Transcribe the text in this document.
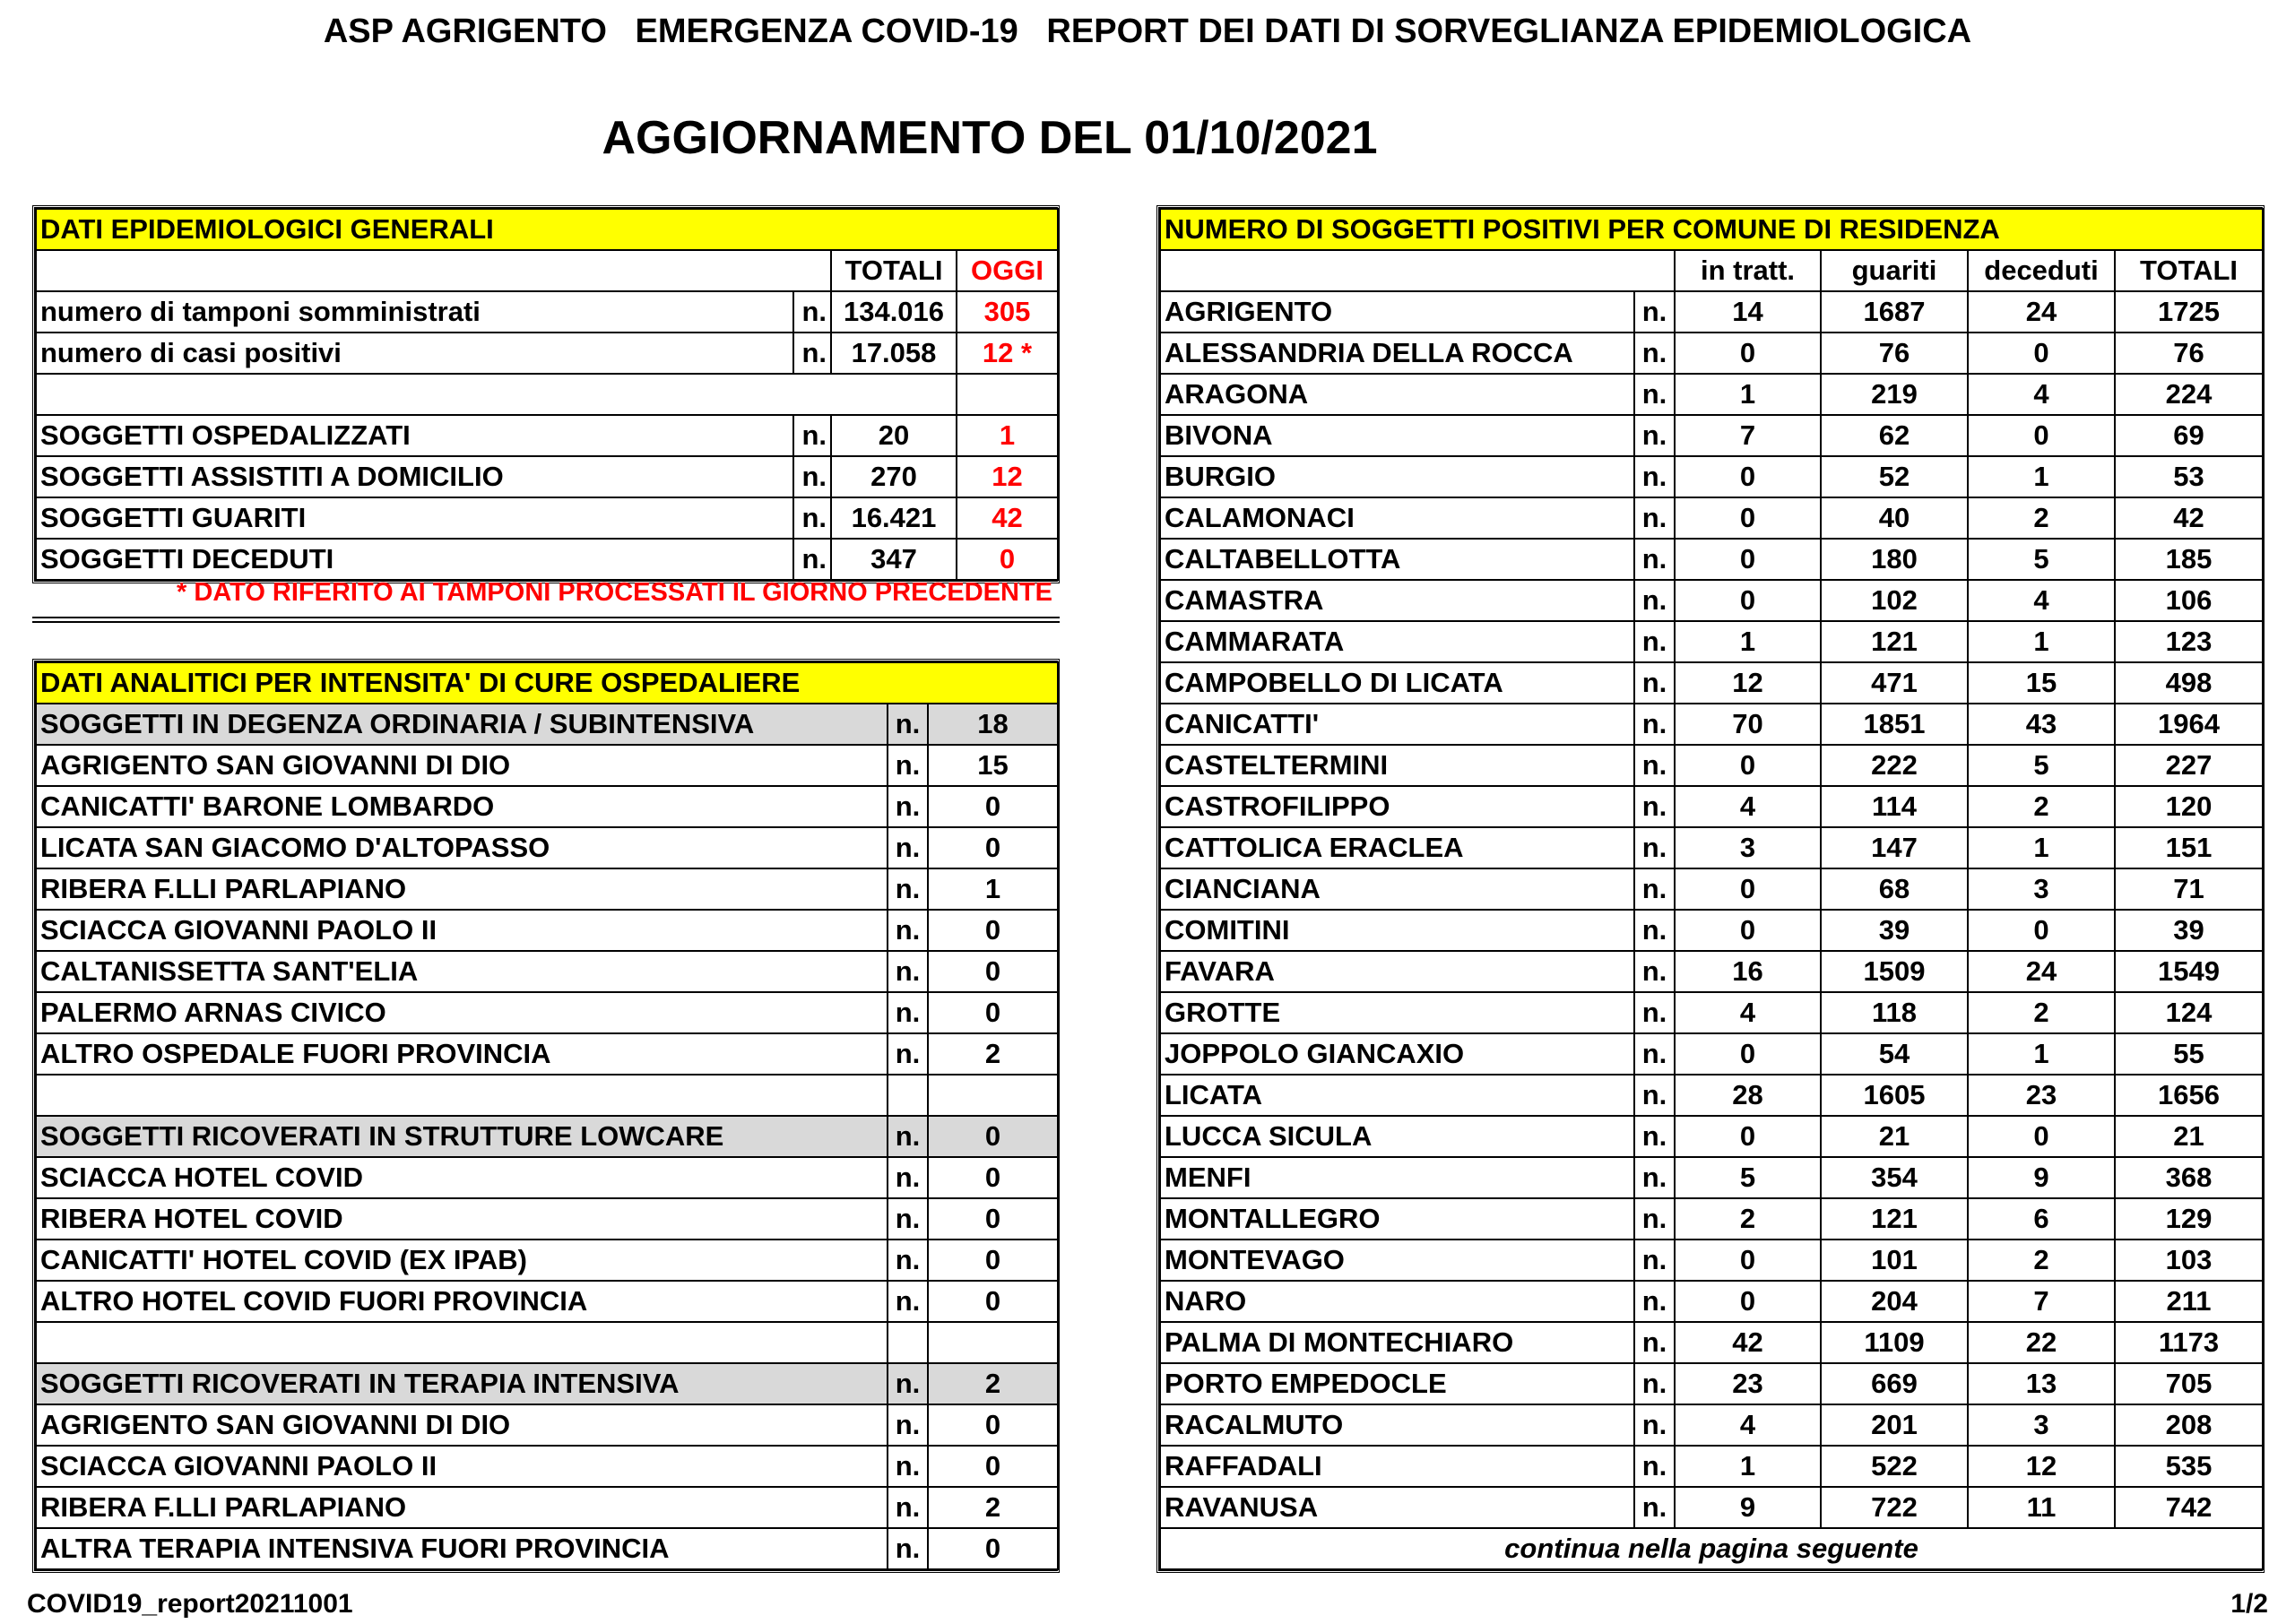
ASP AGRIGENTO   EMERGENZA COVID-19   REPORT DEI DATI DI SORVEGLIANZA EPIDEMIOLOGICA
AGGIORNAMENTO DEL 01/10/2021
DATI EPIDEMIOLOGICI GENERALI			
		TOTALI	OGGI
numero di tamponi somministrati	n.	134.016	305
numero di casi positivi	n.	17.058	12 *

SOGGETTI OSPEDALIZZATI	n.	20	1
SOGGETTI ASSISTITI A DOMICILIO	n.	270	12
SOGGETTI GUARITI	n.	16.421	42
SOGGETTI DECEDUTI	n.	347	0
* DATO RIFERITO AI TAMPONI PROCESSATI IL GIORNO PRECEDENTE
DATI ANALITICI PER INTENSITA' DI CURE OSPEDALIERE		
SOGGETTI IN DEGENZA ORDINARIA / SUBINTENSIVA	n.	18
AGRIGENTO SAN GIOVANNI DI DIO	n.	15
CANICATTI' BARONE LOMBARDO	n.	0
LICATA SAN GIACOMO D'ALTOPASSO	n.	0
RIBERA F.LLI PARLAPIANO	n.	1
SCIACCA GIOVANNI PAOLO II	n.	0
CALTANISSETTA SANT'ELIA	n.	0
PALERMO ARNAS CIVICO	n.	0
ALTRO OSPEDALE FUORI PROVINCIA	n.	2

SOGGETTI RICOVERATI IN STRUTTURE LOWCARE	n.	0
SCIACCA HOTEL COVID	n.	0
RIBERA HOTEL COVID	n.	0
CANICATTI' HOTEL COVID (EX IPAB)	n.	0
ALTRO HOTEL COVID FUORI PROVINCIA	n.	0

SOGGETTI RICOVERATI IN TERAPIA INTENSIVA	n.	2
AGRIGENTO SAN GIOVANNI DI DIO	n.	0
SCIACCA GIOVANNI PAOLO II	n.	0
RIBERA F.LLI PARLAPIANO	n.	2
ALTRA TERAPIA INTENSIVA FUORI PROVINCIA	n.	0
NUMERO DI SOGGETTI POSITIVI PER COMUNE DI RESIDENZA					
		in tratt.	guariti	deceduti	TOTALI
AGRIGENTO	n.	14	1687	24	1725
ALESSANDRIA DELLA ROCCA	n.	0	76	0	76
ARAGONA	n.	1	219	4	224
BIVONA	n.	7	62	0	69
BURGIO	n.	0	52	1	53
CALAMONACI	n.	0	40	2	42
CALTABELLOTTA	n.	0	180	5	185
CAMASTRA	n.	0	102	4	106
CAMMARATA	n.	1	121	1	123
CAMPOBELLO DI LICATA	n.	12	471	15	498
CANICATTI'	n.	70	1851	43	1964
CASTELTERMINI	n.	0	222	5	227
CASTROFILIPPO	n.	4	114	2	120
CATTOLICA ERACLEA	n.	3	147	1	151
CIANCIANA	n.	0	68	3	71
COMITINI	n.	0	39	0	39
FAVARA	n.	16	1509	24	1549
GROTTE	n.	4	118	2	124
JOPPOLO GIANCAXIO	n.	0	54	1	55
LICATA	n.	28	1605	23	1656
LUCCA SICULA	n.	0	21	0	21
MENFI	n.	5	354	9	368
MONTALLEGRO	n.	2	121	6	129
MONTEVAGO	n.	0	101	2	103
NARO	n.	0	204	7	211
PALMA DI MONTECHIARO	n.	42	1109	22	1173
PORTO EMPEDOCLE	n.	23	669	13	705
RACALMUTO	n.	4	201	3	208
RAFFADALI	n.	1	522	12	535
RAVANUSA	n.	9	722	11	742
continua nella pagina seguente					
COVID19_report20211001	1/2
